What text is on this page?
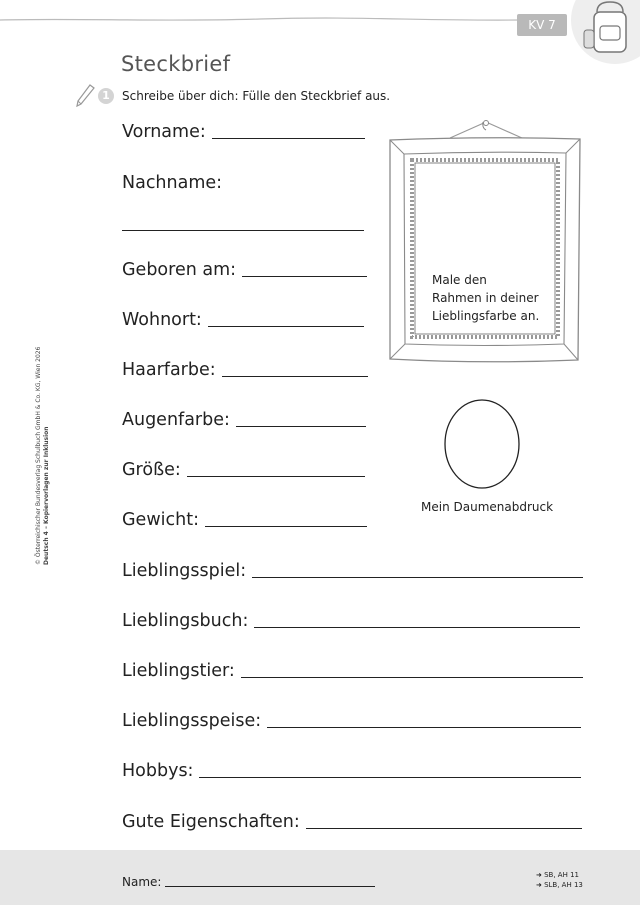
KV 7
Steckbrief
1	Schreibe über dich: Fülle den Steckbrief aus.
Vorname:
Nachname:
Geboren am:
Wohnort:
Haarfarbe:
Augenfarbe:
Größe:
Gewicht:
Lieblingsspiel:
Lieblingsbuch:
Lieblingstier:
Lieblingsspeise:
Hobbys:
Gute Eigenschaften:
Male den
Rahmen in deiner
Lieblingsfarbe an.
Mein Daumenabdruck
© Österreichischer Bundesverlag Schulbuch GmbH & Co. KG, Wien 2026 Deutsch 4 – Kopiervorlagen zur Inklusion
Name:	➜ SB, AH 11
➜ SLB, AH 13
